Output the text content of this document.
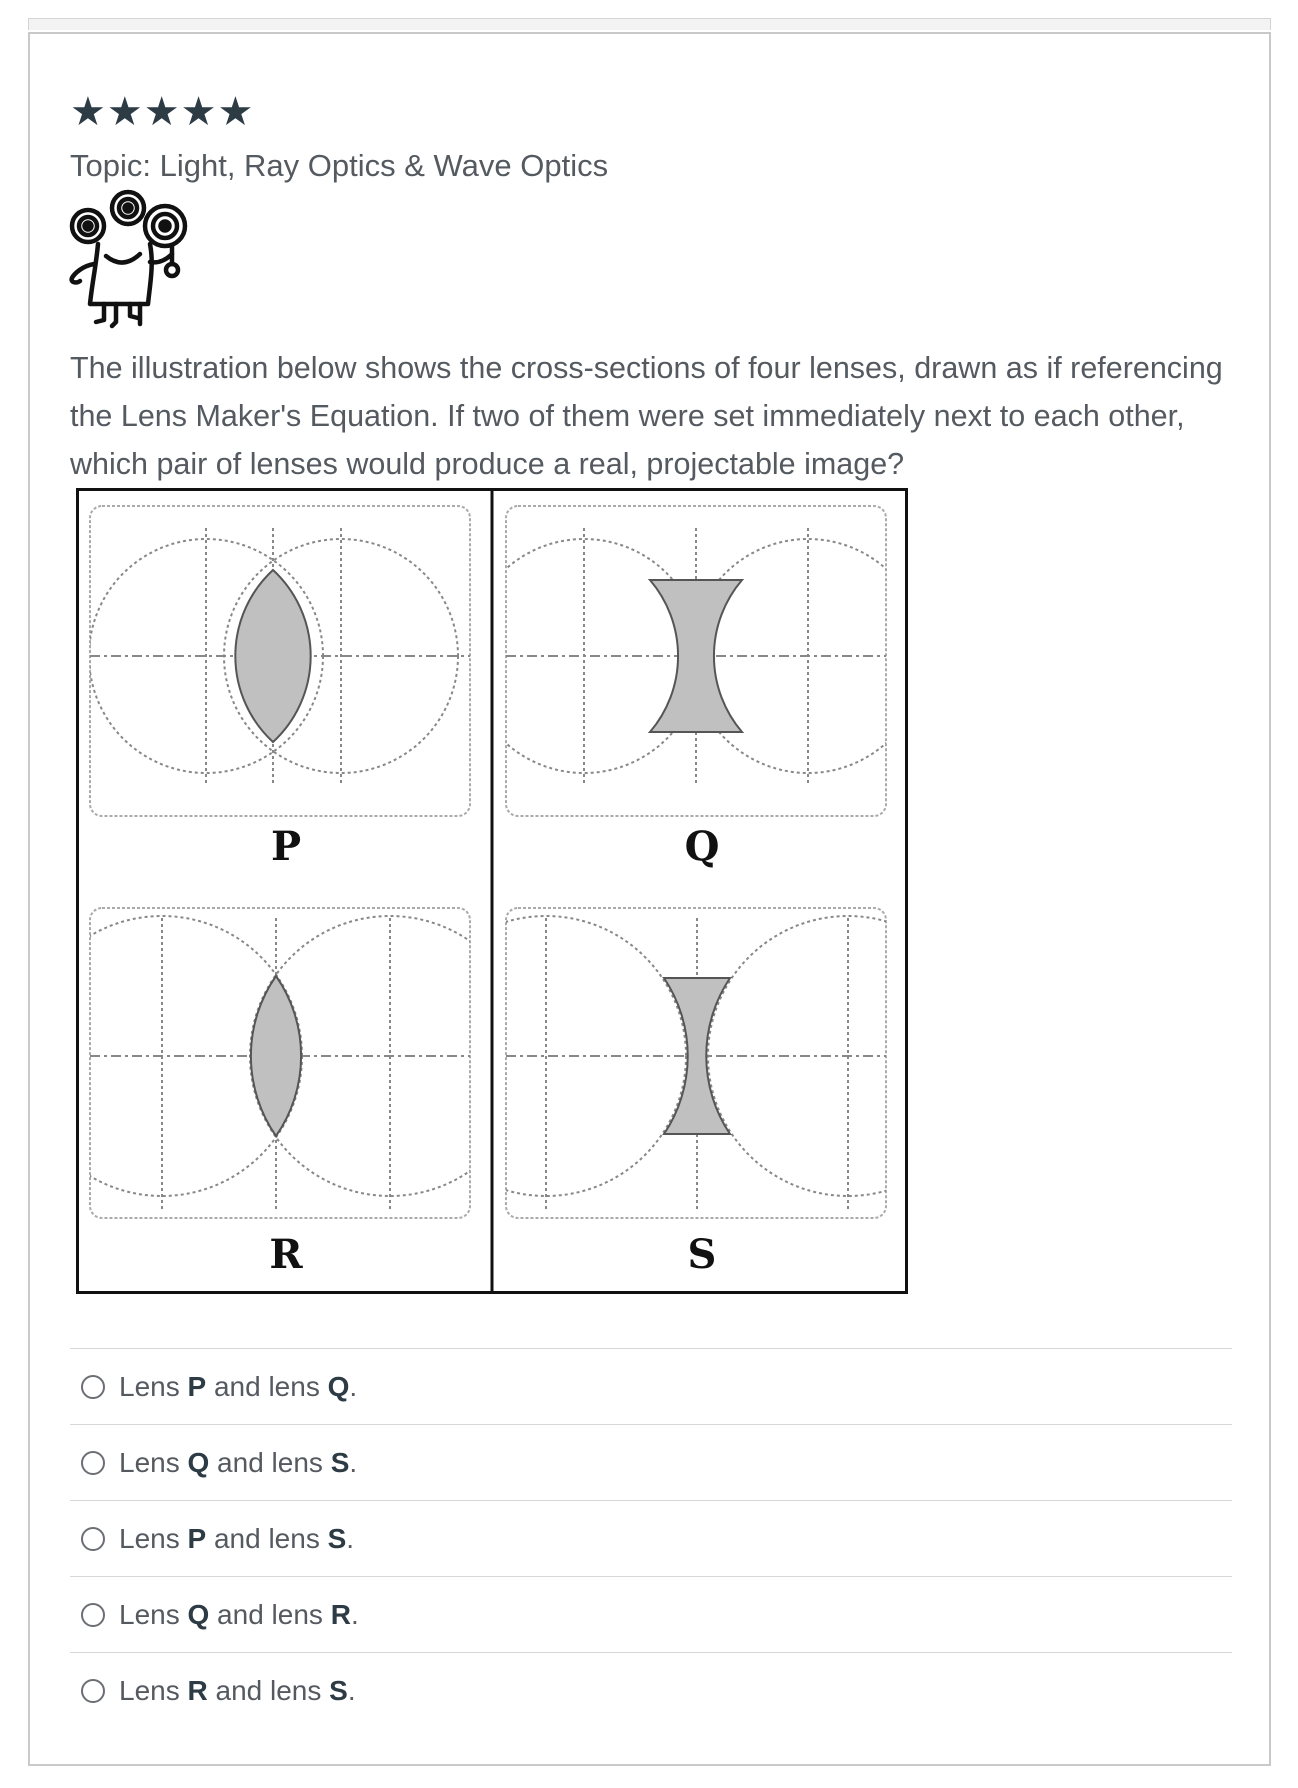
★★★★★
Topic: Light, Ray Optics & Wave Optics
The illustration below shows the cross-sections of four lenses, drawn as if referencing the Lens Maker's Equation. If two of them were set immediately next to each other, which pair of lenses would produce a real, projectable image?
P	Q
R	S
Lens P and lens Q.
Lens Q and lens S.
Lens P and lens S.
Lens Q and lens R.
Lens R and lens S.
